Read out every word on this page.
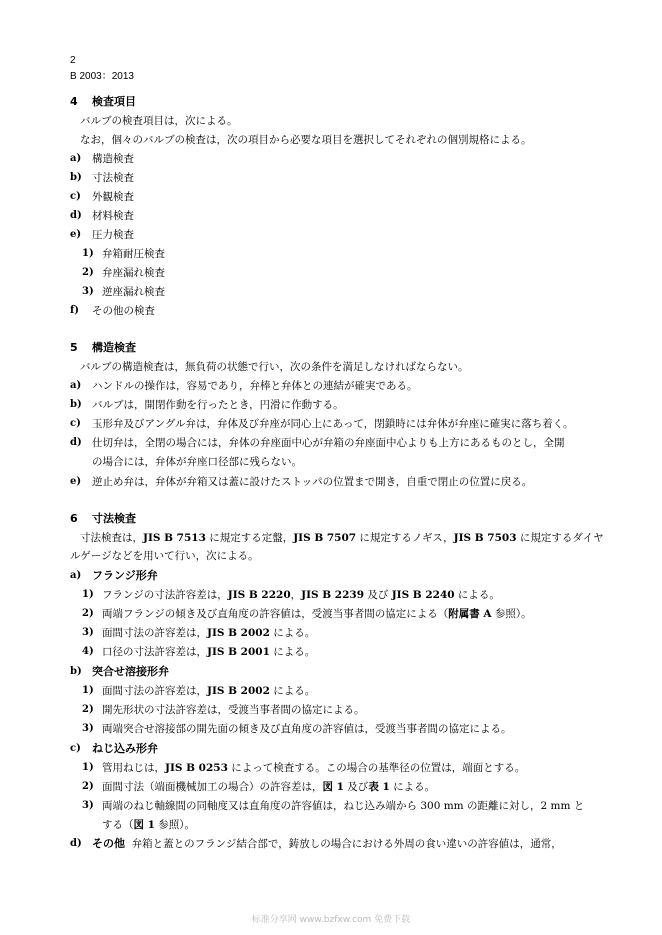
2
B 2003：2013
4 検査項目
バルブの検査項目は，次による。
なお，個々のバルブの検査は，次の項目から必要な項目を選択してそれぞれの個別規格による。
a) 構造検査
b) 寸法検査
c) 外観検査
d) 材料検査
e) 圧力検査
1) 弁箱耐圧検査
2) 弁座漏れ検査
3) 逆座漏れ検査
f) その他の検査
5 構造検査
バルブの構造検査は，無負荷の状態で行い，次の条件を満足しなければならない。
a) ハンドルの操作は，容易であり，弁棒と弁体との連結が確実である。
b) バルブは，開閉作動を行ったとき，円滑に作動する。
c) 玉形弁及びアングル弁は，弁体及び弁座が同心上にあって，閉鎖時には弁体が弁座に確実に落ち着く。
d) 仕切弁は，全閉の場合には，弁体の弁座面中心が弁箱の弁座面中心よりも上方にあるものとし，全開
の場合には，弁体が弁座口径部に残らない。
e) 逆止め弁は，弁体が弁箱又は蓋に設けたストッパの位置まで開き，自重で閉止の位置に戻る。
6 寸法検査
寸法検査は，JIS B 7513 に規定する定盤，JIS B 7507 に規定するノギス，JIS B 7503 に規定するダイヤ
ルゲージなどを用いて行い，次による。
a) フランジ形弁
1) フランジの寸法許容差は，JIS B 2220，JIS B 2239 及び JIS B 2240 による。
2) 両端フランジの傾き及び直角度の許容値は，受渡当事者間の協定による（附属書 A 参照）。
3) 面間寸法の許容差は，JIS B 2002 による。
4) 口径の寸法許容差は，JIS B 2001 による。
b) 突合せ溶接形弁
1) 面間寸法の許容差は，JIS B 2002 による。
2) 開先形状の寸法許容差は，受渡当事者間の協定による。
3) 両端突合せ溶接部の開先面の傾き及び直角度の許容値は，受渡当事者間の協定による。
c) ねじ込み形弁
1) 管用ねじは，JIS B 0253 によって検査する。この場合の基準径の位置は，端面とする。
2) 面間寸法（端面機械加工の場合）の許容差は，図 1 及び表 1 による。
3) 両端のねじ軸線間の同軸度又は直角度の許容値は，ねじ込み端から 300 mm の距離に対し，2 mm と
する（図 1 参照）。
d) その他 弁箱と蓋とのフランジ結合部で，鋳放しの場合における外周の食い違いの許容値は，通常，
标准分享网 www.bzfxw.com 免费下载
